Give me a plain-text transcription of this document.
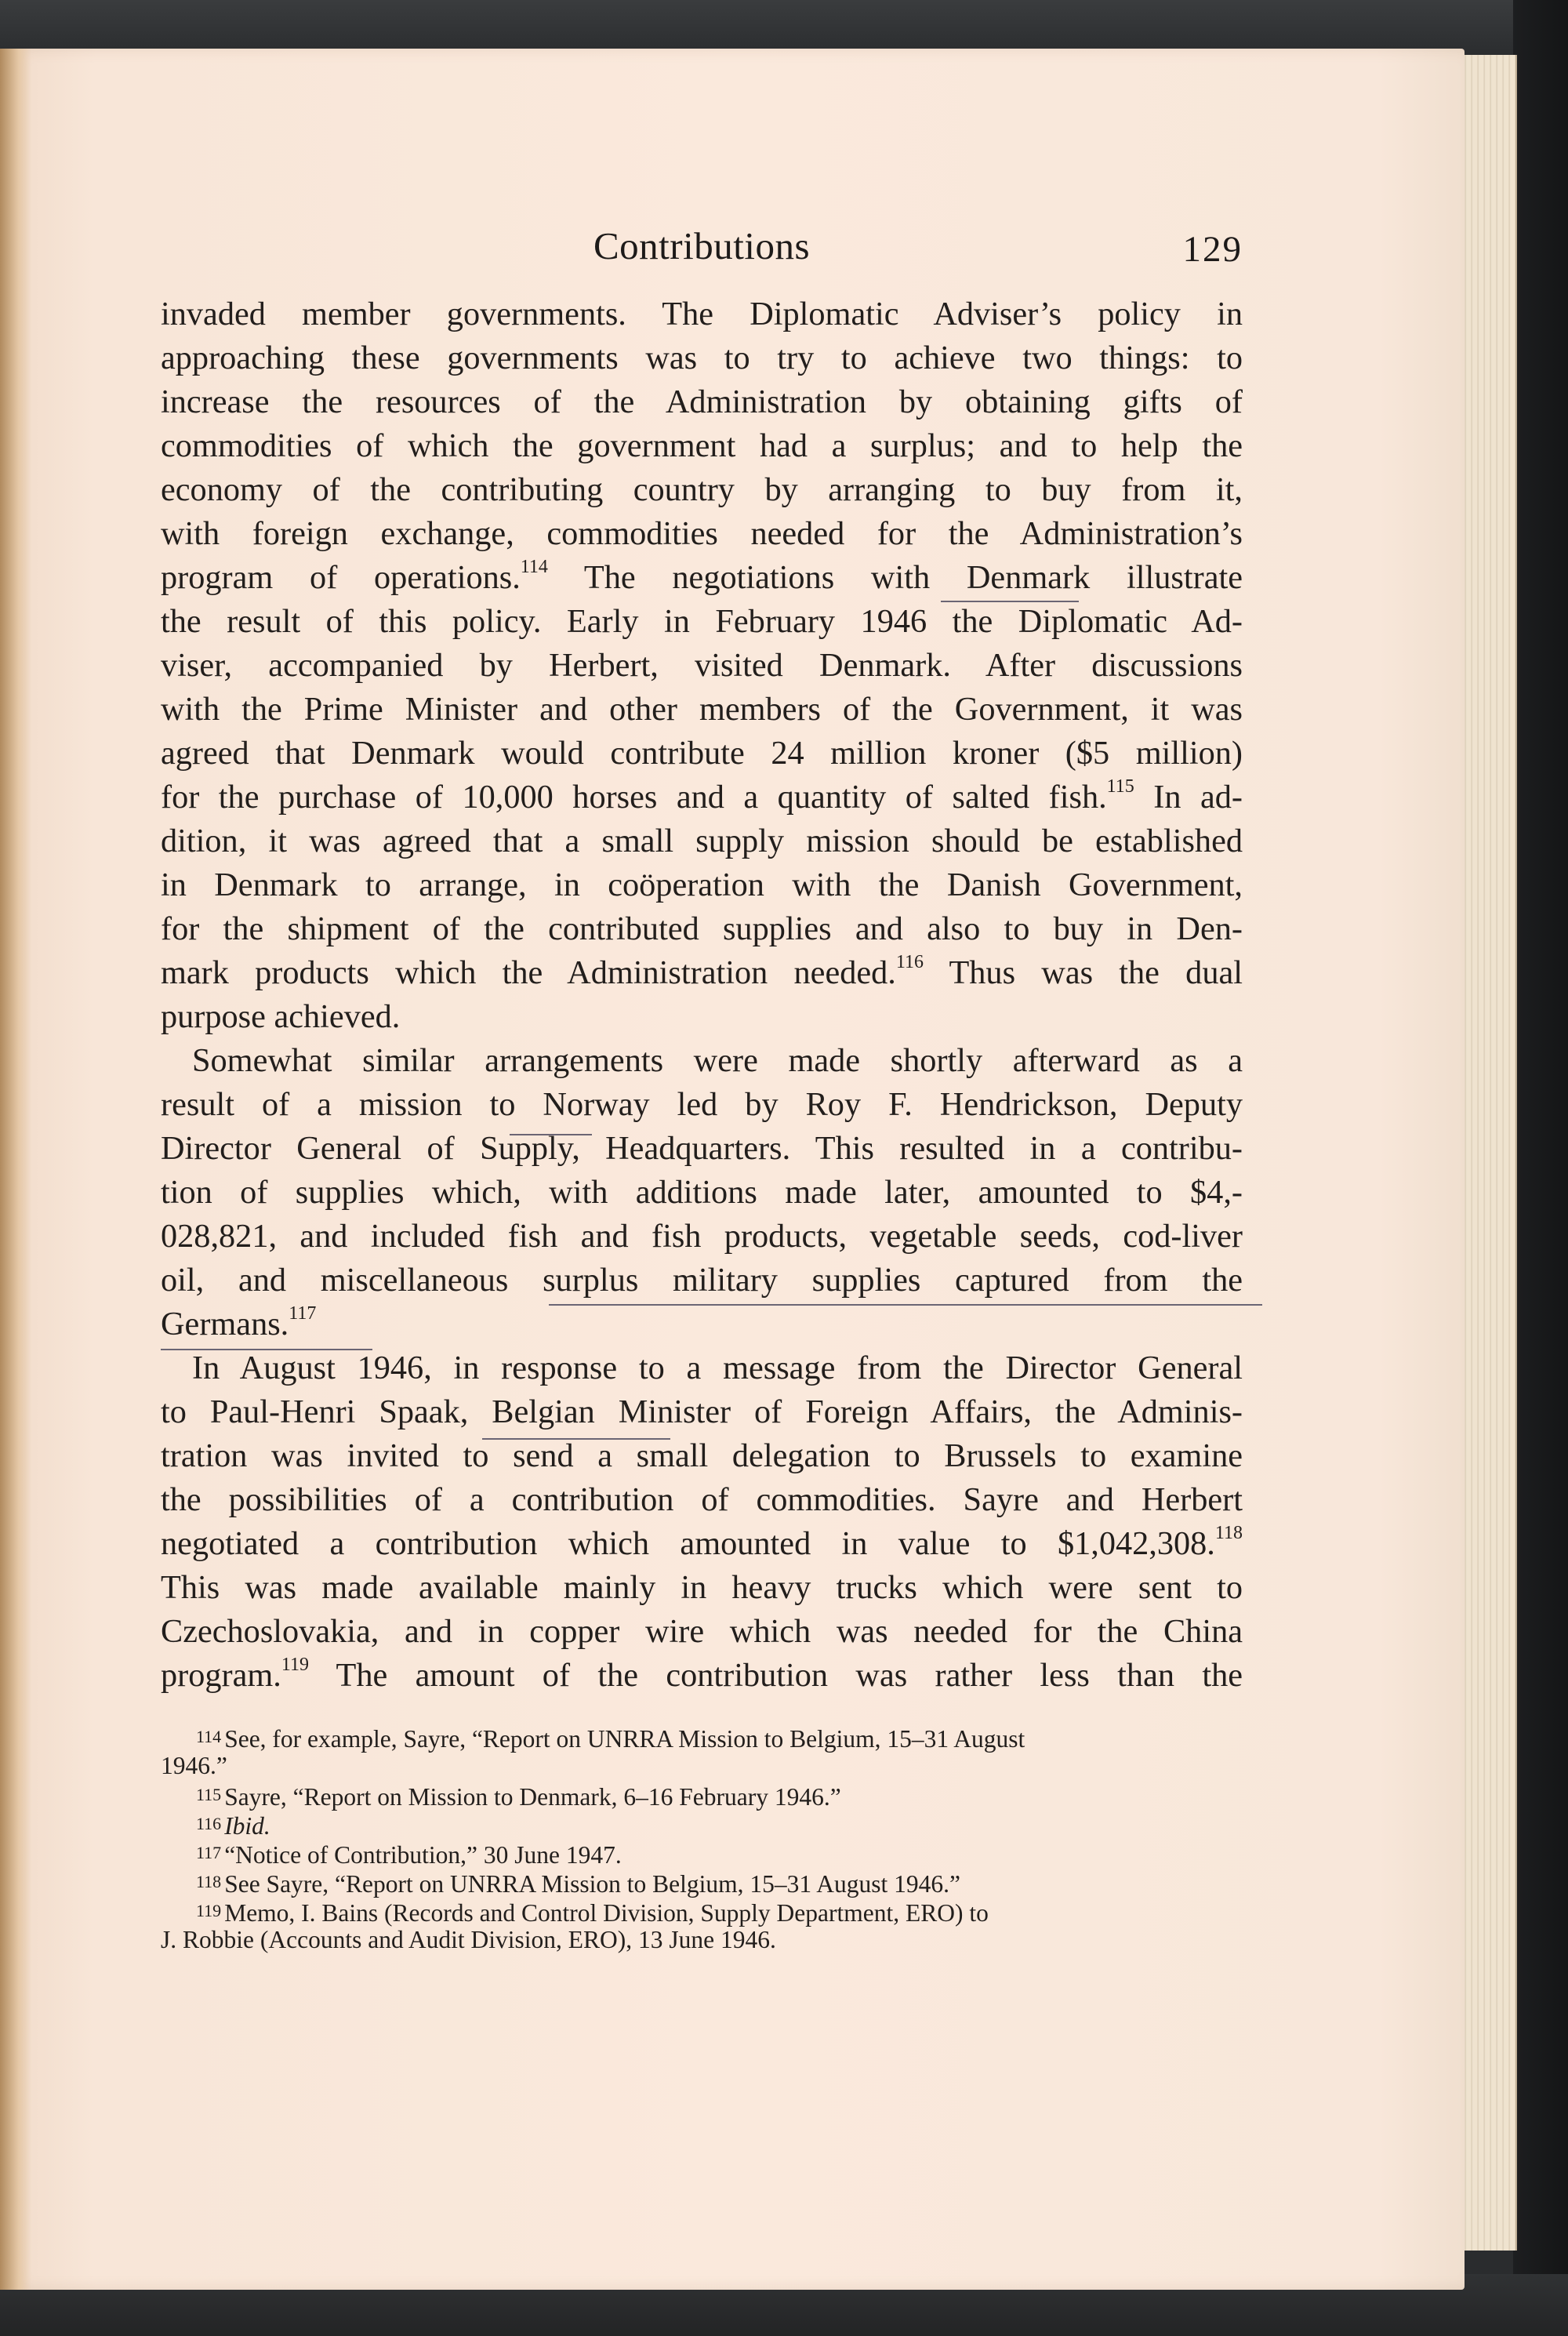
Contributions	129
invaded member governments. The Diplomatic Adviser’s policy in
approaching these governments was to try to achieve two things: to
increase the resources of the Administration by obtaining gifts of
commodities of which the government had a surplus; and to help the
economy of the contributing country by arranging to buy from it,
with foreign exchange, commodities needed for the Administration’s
program of operations.$^{114}$ The negotiations with Denmark illustrate
the result of this policy. Early in February 1946 the Diplomatic Ad-
viser, accompanied by Herbert, visited Denmark. After discussions
with the Prime Minister and other members of the Government, it was
agreed that Denmark would contribute 24 million kroner ($5 million)
for the purchase of 10,000 horses and a quantity of salted fish.$^{115}$ In ad-
dition, it was agreed that a small supply mission should be established
in Denmark to arrange, in coöperation with the Danish Government,
for the shipment of the contributed supplies and also to buy in Den-
mark products which the Administration needed.$^{116}$ Thus was the dual
purpose achieved.
Somewhat similar arrangements were made shortly afterward as a
result of a mission to Norway led by Roy F. Hendrickson, Deputy
Director General of Supply, Headquarters. This resulted in a contribu-
tion of supplies which, with additions made later, amounted to $4,-
028,821, and included fish and fish products, vegetable seeds, cod-liver
oil, and miscellaneous surplus military supplies captured from the
Germans.$^{117}$
In August 1946, in response to a message from the Director General
to Paul-Henri Spaak, Belgian Minister of Foreign Affairs, the Adminis-
tration was invited to send a small delegation to Brussels to examine
the possibilities of a contribution of commodities. Sayre and Herbert
negotiated a contribution which amounted in value to $1,042,308.$^{118}$
This was made available mainly in heavy trucks which were sent to
Czechoslovakia, and in copper wire which was needed for the China
program.$^{119}$ The amount of the contribution was rather less than the
114 See, for example, Sayre, “Report on UNRRA Mission to Belgium, 15–31 August
1946.”
115 Sayre, “Report on Mission to Denmark, 6–16 February 1946.”
116 Ibid.
117 “Notice of Contribution,” 30 June 1947.
118 See Sayre, “Report on UNRRA Mission to Belgium, 15–31 August 1946.”
119 Memo, I. Bains (Records and Control Division, Supply Department, ERO) to
J. Robbie (Accounts and Audit Division, ERO), 13 June 1946.
